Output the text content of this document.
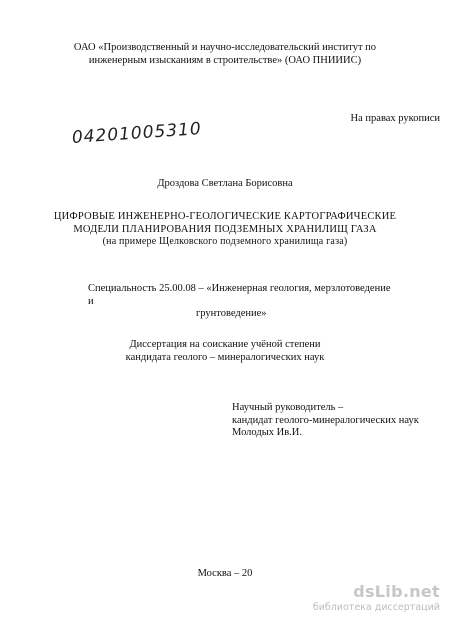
ОАО «Производственный и научно-исследовательский институт по
инженерным изысканиям в строительстве» (ОАО ПНИИИС)
На правах рукописи
04201005310
Дроздова Светлана Борисовна
ЦИФРОВЫЕ ИНЖЕНЕРНО-ГЕОЛОГИЧЕСКИЕ КАРТОГРАФИЧЕСКИЕ
МОДЕЛИ ПЛАНИРОВАНИЯ ПОДЗЕМНЫХ ХРАНИЛИЩ ГАЗА
(на примере Щелковского подземного хранилища газа)
Специальность 25.00.08 – «Инженерная геология, мерзлотоведение и
грунтоведение»
Диссертация на соискание учёной степени
кандидата геолого – минералогических наук
Научный руководитель –
кандидат геолого-минералогических наук
Молодых Ив.И.
Москва – 20
dsLib.net
библиотека диссертаций
